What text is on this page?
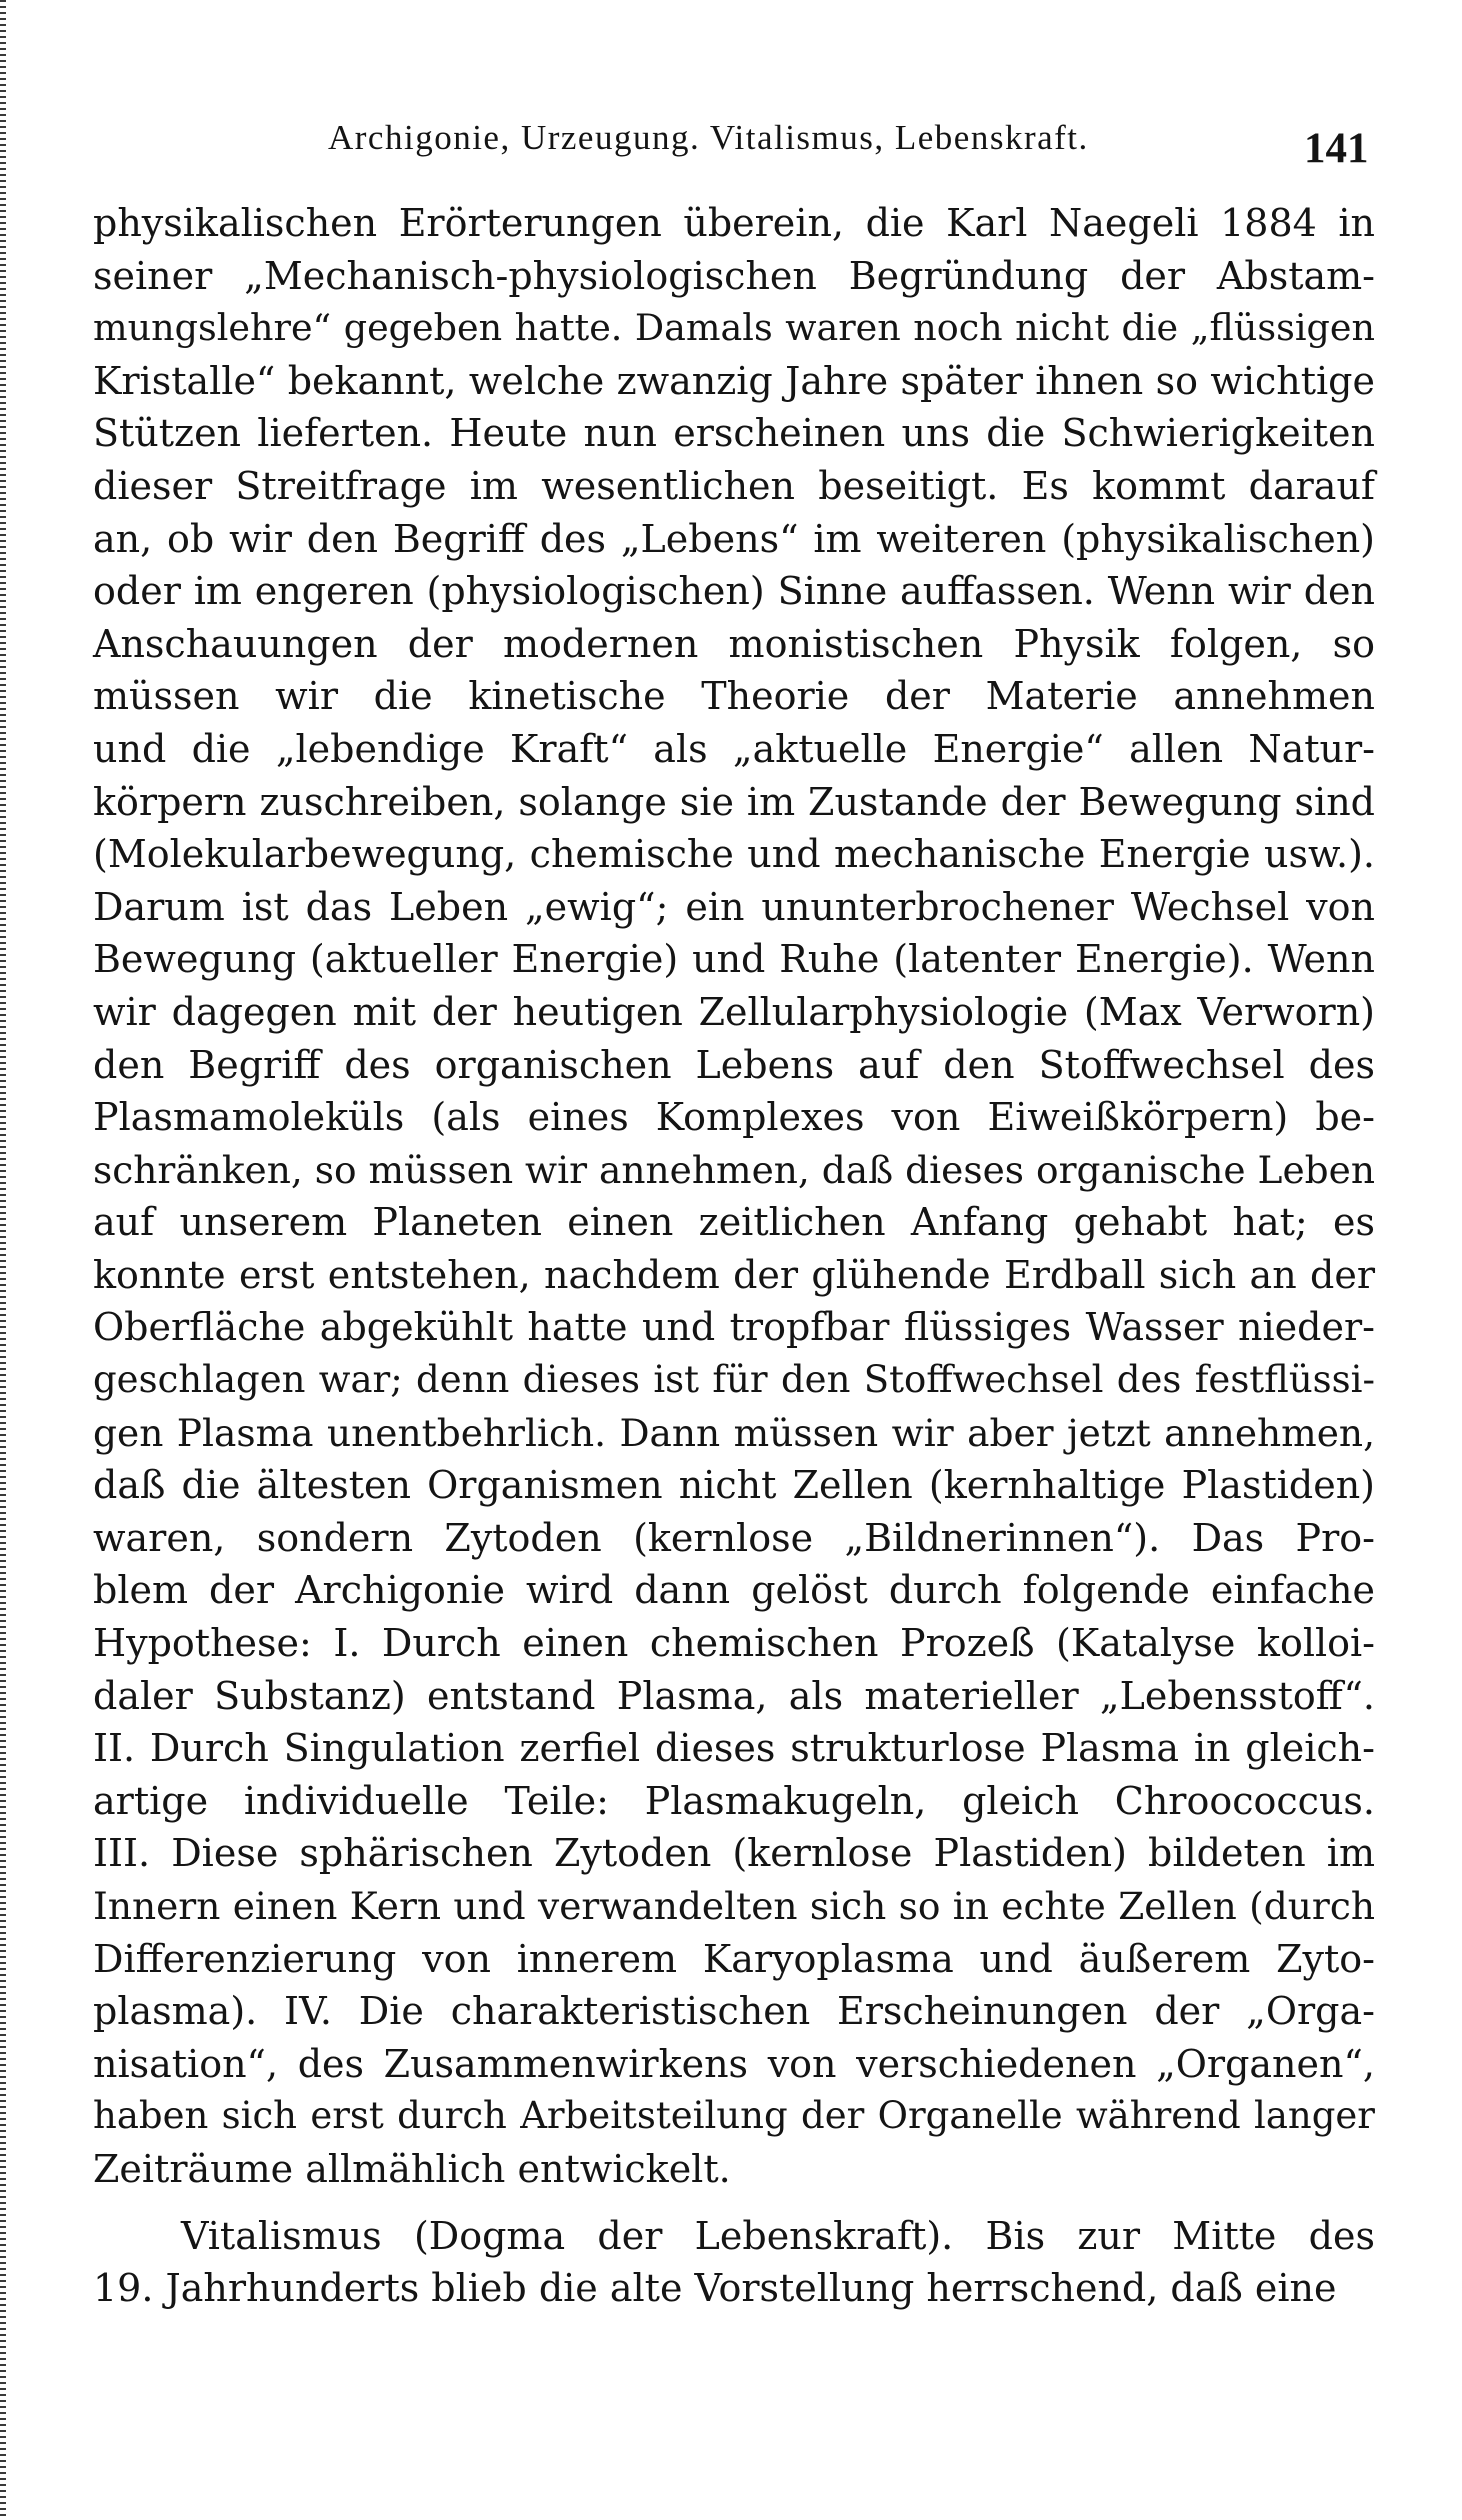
Archigonie, Urzeugung. Vitalismus, Lebenskraft.	141
physikalischen Erörterungen überein, die Karl Naegeli 1884 in
seiner „Mechanisch-physiologischen Begründung der Abstam-
mungslehre“ gegeben hatte. Damals waren noch nicht die „flüssigen
Kristalle“ bekannt, welche zwanzig Jahre später ihnen so wichtige
Stützen lieferten. Heute nun erscheinen uns die Schwierigkeiten
dieser Streitfrage im wesentlichen beseitigt. Es kommt darauf
an, ob wir den Begriff des „Lebens“ im weiteren (physikalischen)
oder im engeren (physiologischen) Sinne auffassen. Wenn wir den
Anschauungen der modernen monistischen Physik folgen, so
müssen wir die kinetische Theorie der Materie annehmen
und die „lebendige Kraft“ als „aktuelle Energie“ allen Natur-
körpern zuschreiben, solange sie im Zustande der Bewegung sind
(Molekularbewegung, chemische und mechanische Energie usw.).
Darum ist das Leben „ewig“; ein ununterbrochener Wechsel von
Bewegung (aktueller Energie) und Ruhe (latenter Energie). Wenn
wir dagegen mit der heutigen Zellularphysiologie (Max Verworn)
den Begriff des organischen Lebens auf den Stoffwechsel des
Plasmamoleküls (als eines Komplexes von Eiweißkörpern) be-
schränken, so müssen wir annehmen, daß dieses organische Leben
auf unserem Planeten einen zeitlichen Anfang gehabt hat; es
konnte erst entstehen, nachdem der glühende Erdball sich an der
Oberfläche abgekühlt hatte und tropfbar flüssiges Wasser nieder-
geschlagen war; denn dieses ist für den Stoffwechsel des festflüssi-
gen Plasma unentbehrlich. Dann müssen wir aber jetzt annehmen,
daß die ältesten Organismen nicht Zellen (kernhaltige Plastiden)
waren, sondern Zytoden (kernlose „Bildnerinnen“). Das Pro-
blem der Archigonie wird dann gelöst durch folgende einfache
Hypothese: I. Durch einen chemischen Prozeß (Katalyse kolloi-
daler Substanz) entstand Plasma, als materieller „Lebensstoff“.
II. Durch Singulation zerfiel dieses strukturlose Plasma in gleich-
artige individuelle Teile: Plasmakugeln, gleich Chroococcus.
III. Diese sphärischen Zytoden (kernlose Plastiden) bildeten im
Innern einen Kern und verwandelten sich so in echte Zellen (durch
Differenzierung von innerem Karyoplasma und äußerem Zyto-
plasma). IV. Die charakteristischen Erscheinungen der „Orga-
nisation“, des Zusammenwirkens von verschiedenen „Organen“,
haben sich erst durch Arbeitsteilung der Organelle während langer
Zeiträume allmählich entwickelt.
Vitalismus (Dogma der Lebenskraft). Bis zur Mitte des
19. Jahrhunderts blieb die alte Vorstellung herrschend, daß eine
